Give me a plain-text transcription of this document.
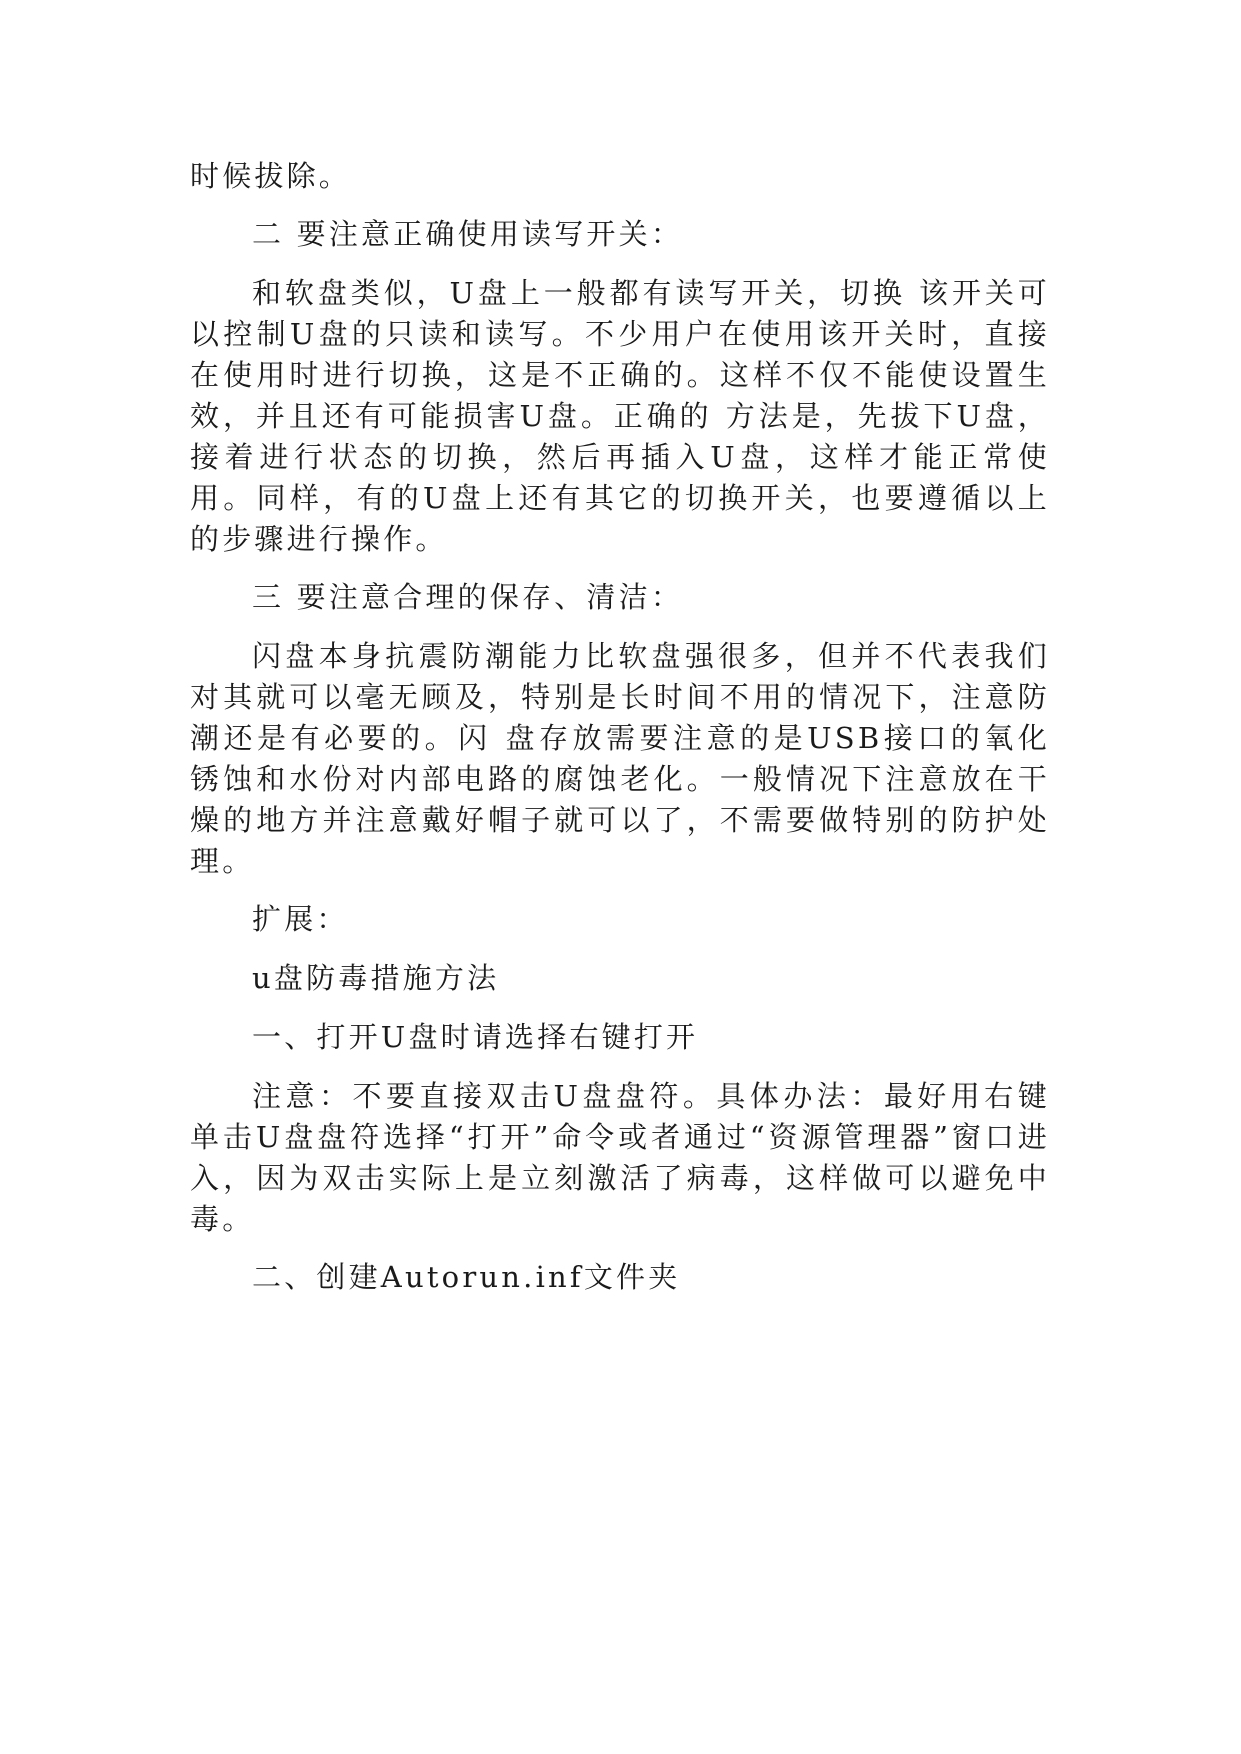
时候拔除。

二 要注意正确使用读写开关：

和软盘类似，U盘上一般都有读写开关，切换 该开关可以控制U盘的只读和读写。不少用户在使用该开关时，直接在使用时进行切换，这是不正确的。这样不仅不能使设置生效，并且还有可能损害U盘。正确的 方法是，先拔下U盘，接着进行状态的切换，然后再插入U盘，这样才能正常使用。同样，有的U盘上还有其它的切换开关，也要遵循以上的步骤进行操作。

三 要注意合理的保存、清洁：

闪盘本身抗震防潮能力比软盘强很多，但并不代表我们对其就可以毫无顾及，特别是长时间不用的情况下，注意防潮还是有必要的。闪 盘存放需要注意的是USB接口的氧化锈蚀和水份对内部电路的腐蚀老化。一般情况下注意放在干燥的地方并注意戴好帽子就可以了，不需要做特别的防护处理。

扩展：

u盘防毒措施方法

一、打开U盘时请选择右键打开

注意：不要直接双击U盘盘符。具体办法：最好用右键单击U盘盘符选择“打开”命令或者通过“资源管理器”窗口进入，因为双击实际上是立刻激活了病毒，这样做可以避免中毒。

二、创建Autorun.inf文件夹
